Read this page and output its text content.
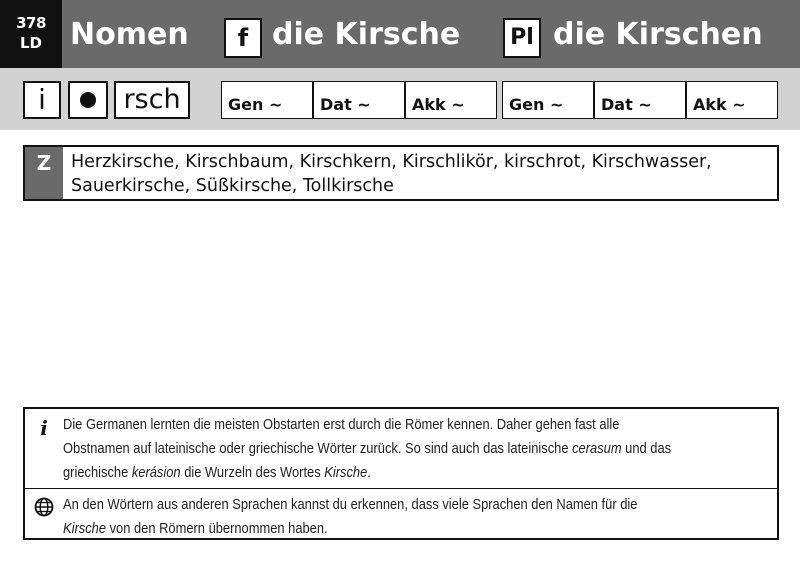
378
LD Nomen	f die Kirsche	Pl die Kirschen
i	rsch	Gen ~	Dat ~	Akk ~	Gen ~	Dat ~	Akk ~
Z	Herzkirsche, Kirschbaum, Kirschkern, Kirschlikör, kirschrot, Kirschwasser,
Sauerkirsche, Süßkirsche, Tollkirsche
i	Die Germanen lernten die meisten Obstarten erst durch die Römer kennen. Daher gehen fast alle
Obstnamen auf lateinische oder griechische Wörter zurück. So sind auch das lateinische cerasum und das
griechische kerásion die Wurzeln des Wortes Kirsche.
An den Wörtern aus anderen Sprachen kannst du erkennen, dass viele Sprachen den Namen für die
Kirsche von den Römern übernommen haben.
